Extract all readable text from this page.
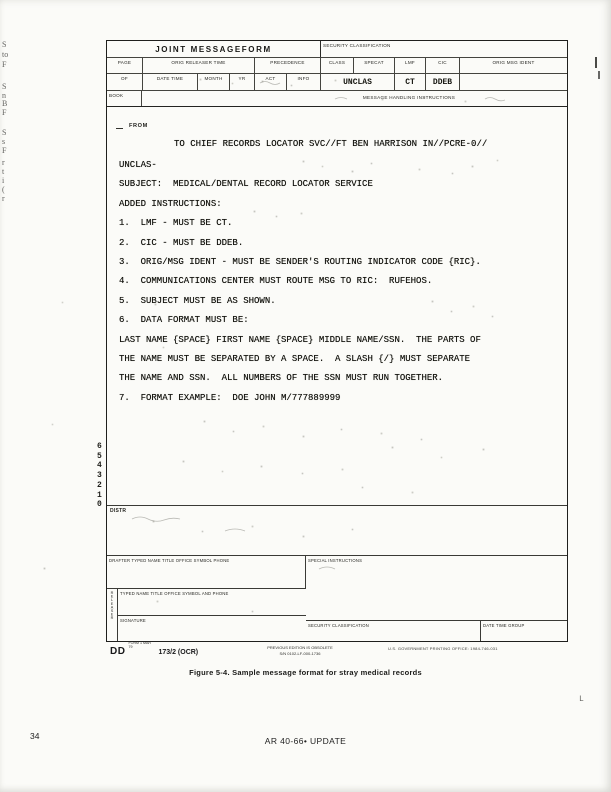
S
to
F
S
n
B
F
S
s
F
r
t
i
(
r
L
JOINT MESSAGEFORM	SECURITY CLASSIFICATION
PAGE	ORIG RELEASER TIME	PRECEDENCE	CLASS	SPECAT	LMF	CIC	ORIG MSG IDENT
OF	DATE TIME	MONTH	YR	ACT	INFO	UNCLAS	CT	DDEB
BOOK	MESSAGE HANDLING INSTRUCTIONS
FROM
TO CHIEF RECORDS LOCATOR SVC//FT BEN HARRISON IN//PCRE-0//
UNCLAS-
SUBJECT:  MEDICAL/DENTAL RECORD LOCATOR SERVICE
ADDED INSTRUCTIONS:
1.  LMF - MUST BE CT.
2.  CIC - MUST BE DDEB.
3.  ORIG/MSG IDENT - MUST BE SENDER'S ROUTING INDICATOR CODE {RIC}.
4.  COMMUNICATIONS CENTER MUST ROUTE MSG TO RIC:  RUFEHOS.
5.  SUBJECT MUST BE AS SHOWN.
6.  DATA FORMAT MUST BE:
LAST NAME {SPACE} FIRST NAME {SPACE} MIDDLE NAME/SSN.  THE PARTS OF
THE NAME MUST BE SEPARATED BY A SPACE.  A SLASH {/} MUST SEPARATE
THE NAME AND SSN.  ALL NUMBERS OF THE SSN MUST RUN TOGETHER.
7.  FORMAT EXAMPLE:  DOE JOHN M/777889999
DISTR
DRAFTER TYPED NAME TITLE OFFICE SYMBOL PHONE	SPECIAL INSTRUCTIONS
RELEASER	TYPED NAME TITLE OFFICE SYMBOL AND PHONE
SIGNATURE
SECURITY CLASSIFICATION	DATE TIME GROUP
6
5
4
3
2
1
0
DDFORM 1 MAR 79173/2 (OCR)
PREVIOUS EDITION IS OBSOLETE
S/N 0102-LF-000-1736
U.S. GOVERNMENT PRINTING OFFICE: 1984-746-031
Figure 5-4. Sample message format for stray medical records
34	AR 40-66• UPDATE
